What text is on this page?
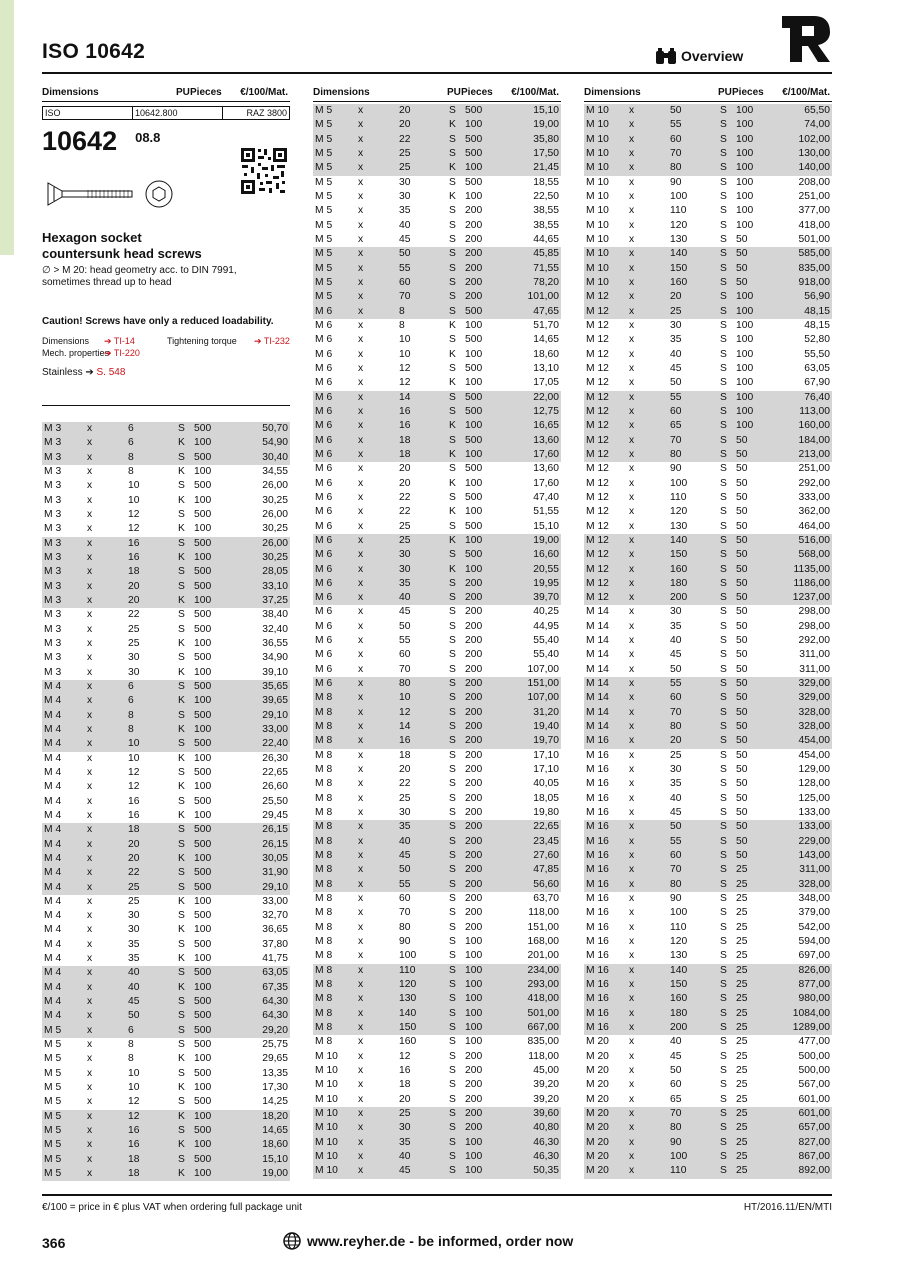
ISO 10642	Overview
Dimensions	PU Pieces €/100/Mat.
ISO	10642.800	RAZ 3800
10642 08.8
Hexagon socket
countersunk head screws
∅ > M 20: head geometry acc. to DIN 7991,
sometimes thread up to head
Caution! Screws have only a reduced loadability.
Dimensions ➔ TI-14	Tightening torque ➔ TI-232
Mech. properties
➔ TI-220
Stainless ➔ S. 548
M 3	x	6	S 500	50,70
M 3	x	6	K 100	54,90
M 3	x	8	S 500	30,40
M 3	x	8	K 100	34,55
M 3	x	10	S 500	26,00
M 3	x	10	K 100	30,25
M 3	x	12	S 500	26,00
M 3	x	12	K 100	30,25
M 3	x	16	S 500	26,00
M 3	x	16	K 100	30,25
M 3	x	18	S 500	28,05
M 3	x	20	S 500	33,10
M 3	x	20	K 100	37,25
M 3	x	22	S 500	38,40
M 3	x	25	S 500	32,40
M 3	x	25	K 100	36,55
M 3	x	30	S 500	34,90
M 3	x	30	K 100	39,10
M 4	x	6	S 500	35,65
M 4	x	6	K 100	39,65
M 4	x	8	S 500	29,10
M 4	x	8	K 100	33,00
M 4	x	10	S 500	22,40
M 4	x	10	K 100	26,30
M 4	x	12	S 500	22,65
M 4	x	12	K 100	26,60
M 4	x	16	S 500	25,50
M 4	x	16	K 100	29,45
M 4	x	18	S 500	26,15
M 4	x	20	S 500	26,15
M 4	x	20	K 100	30,05
M 4	x	22	S 500	31,90
M 4	x	25	S 500	29,10
M 4	x	25	K 100	33,00
M 4	x	30	S 500	32,70
M 4	x	30	K 100	36,65
M 4	x	35	S 500	37,80
M 4	x	35	K 100	41,75
M 4	x	40	S 500	63,05
M 4	x	40	K 100	67,35
M 4	x	45	S 500	64,30
M 4	x	50	S 500	64,30
M 5	x	6	S 500	29,20
M 5	x	8	S 500	25,75
M 5	x	8	K 100	29,65
M 5	x	10	S 500	13,35
M 5	x	10	K 100	17,30
M 5	x	12	S 500	14,25
M 5	x	12	K 100	18,20
M 5	x	16	S 500	14,65
M 5	x	16	K 100	18,60
M 5	x	18	S 500	15,10
M 5	x	18	K 100	19,00
Dimensions	PU Pieces €/100/Mat.
M 5	x	20	S 500	15,10
M 5	x	20	K 100	19,00
M 5	x	22	S 500	35,80
M 5	x	25	S 500	17,50
M 5	x	25	K 100	21,45
M 5	x	30	S 500	18,55
M 5	x	30	K 100	22,50
M 5	x	35	S 200	38,55
M 5	x	40	S 200	38,55
M 5	x	45	S 200	44,65
M 5	x	50	S 200	45,85
M 5	x	55	S 200	71,55
M 5	x	60	S 200	78,20
M 5	x	70	S 200	101,00
M 6	x	8	S 500	47,65
M 6	x	8	K 100	51,70
M 6	x	10	S 500	14,65
M 6	x	10	K 100	18,60
M 6	x	12	S 500	13,10
M 6	x	12	K 100	17,05
M 6	x	14	S 500	22,00
M 6	x	16	S 500	12,75
M 6	x	16	K 100	16,65
M 6	x	18	S 500	13,60
M 6	x	18	K 100	17,60
M 6	x	20	S 500	13,60
M 6	x	20	K 100	17,60
M 6	x	22	S 500	47,40
M 6	x	22	K 100	51,55
M 6	x	25	S 500	15,10
M 6	x	25	K 100	19,00
M 6	x	30	S 500	16,60
M 6	x	30	K 100	20,55
M 6	x	35	S 200	19,95
M 6	x	40	S 200	39,70
M 6	x	45	S 200	40,25
M 6	x	50	S 200	44,95
M 6	x	55	S 200	55,40
M 6	x	60	S 200	55,40
M 6	x	70	S 200	107,00
M 6	x	80	S 200	151,00
M 8	x	10	S 200	107,00
M 8	x	12	S 200	31,20
M 8	x	14	S 200	19,40
M 8	x	16	S 200	19,70
M 8	x	18	S 200	17,10
M 8	x	20	S 200	17,10
M 8	x	22	S 200	40,05
M 8	x	25	S 200	18,05
M 8	x	30	S 200	19,80
M 8	x	35	S 200	22,65
M 8	x	40	S 200	23,45
M 8	x	45	S 200	27,60
M 8	x	50	S 200	47,85
M 8	x	55	S 200	56,60
M 8	x	60	S 200	63,70
M 8	x	70	S 200	118,00
M 8	x	80	S 200	151,00
M 8	x	90	S 100	168,00
M 8	x	100	S 100	201,00
M 8	x	110	S 100	234,00
M 8	x	120	S 100	293,00
M 8	x	130	S 100	418,00
M 8	x	140	S 100	501,00
M 8	x	150	S 100	667,00
M 8	x	160	S 100	835,00
M 10 x	12	S 200	118,00
M 10 x	16	S 200	45,00
M 10 x	18	S 200	39,20
M 10 x	20	S 200	39,20
M 10 x	25	S 200	39,60
M 10 x	30	S 200	40,80
M 10 x	35	S 100	46,30
M 10 x	40	S 100	46,30
M 10 x	45	S 100	50,35
Dimensions	PU Pieces €/100/Mat.
M 10 x	50	S 100	65,50
M 10 x	55	S 100	74,00
M 10 x	60	S 100	102,00
M 10 x	70	S 100	130,00
M 10 x	80	S 100	140,00
M 10 x	90	S 100	208,00
M 10 x	100	S 100	251,00
M 10 x	110	S 100	377,00
M 10 x	120	S 100	418,00
M 10 x	130	S 50	501,00
M 10 x	140	S 50	585,00
M 10 x	150	S 50	835,00
M 10 x	160	S 50	918,00
M 12 x	20	S 100	56,90
M 12 x	25	S 100	48,15
M 12 x	30	S 100	48,15
M 12 x	35	S 100	52,80
M 12 x	40	S 100	55,50
M 12 x	45	S 100	63,05
M 12 x	50	S 100	67,90
M 12 x	55	S 100	76,40
M 12 x	60	S 100	113,00
M 12 x	65	S 100	160,00
M 12 x	70	S 50	184,00
M 12 x	80	S 50	213,00
M 12 x	90	S 50	251,00
M 12 x	100	S 50	292,00
M 12 x	110	S 50	333,00
M 12 x	120	S 50	362,00
M 12 x	130	S 50	464,00
M 12 x	140	S 50	516,00
M 12 x	150	S 50	568,00
M 12 x	160	S 50	1135,00
M 12 x	180	S 50	1186,00
M 12 x	200	S 50	1237,00
M 14 x	30	S 50	298,00
M 14 x	35	S 50	298,00
M 14 x	40	S 50	292,00
M 14 x	45	S 50	311,00
M 14 x	50	S 50	311,00
M 14 x	55	S 50	329,00
M 14 x	60	S 50	329,00
M 14 x	70	S 50	328,00
M 14 x	80	S 50	328,00
M 16 x	20	S 50	454,00
M 16 x	25	S 50	454,00
M 16 x	30	S 50	129,00
M 16 x	35	S 50	128,00
M 16 x	40	S 50	125,00
M 16 x	45	S 50	133,00
M 16 x	50	S 50	133,00
M 16 x	55	S 50	229,00
M 16 x	60	S 50	143,00
M 16 x	70	S 25	311,00
M 16 x	80	S 25	328,00
M 16 x	90	S 25	348,00
M 16 x	100	S 25	379,00
M 16 x	110	S 25	542,00
M 16 x	120	S 25	594,00
M 16 x	130	S 25	697,00
M 16 x	140	S 25	826,00
M 16 x	150	S 25	877,00
M 16 x	160	S 25	980,00
M 16 x	180	S 25	1084,00
M 16 x	200	S 25	1289,00
M 20 x	40	S 25	477,00
M 20 x	45	S 25	500,00
M 20 x	50	S 25	500,00
M 20 x	60	S 25	567,00
M 20 x	65	S 25	601,00
M 20 x	70	S 25	601,00
M 20 x	80	S 25	657,00
M 20 x	90	S 25	827,00
M 20 x	100	S 25	867,00
M 20 x	110	S 25	892,00
€/100 = price in € plus VAT when ordering full package unit	HT/2016.11/EN/MTI
366	www.reyher.de - be informed, order now
